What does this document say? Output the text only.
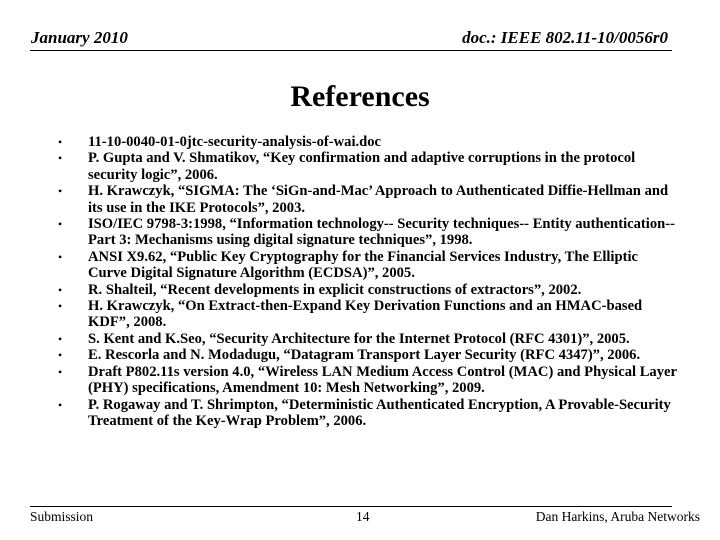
January 2010	doc.: IEEE 802.11-10/0056r0
References
• 11-10-0040-01-0jtc-security-analysis-of-wai.doc
• P. Gupta and V. Shmatikov, “Key confirmation and adaptive corruptions in the protocol security logic”, 2006.
• H. Krawczyk, “SIGMA: The ‘SiGn-and-Mac’ Approach to Authenticated Diffie-Hellman and its use in the IKE Protocols”, 2003.
• ISO/IEC 9798-3:1998, “Information technology-- Security techniques-- Entity authentication-- Part 3: Mechanisms using digital signature techniques”, 1998.
• ANSI X9.62, “Public Key Cryptography for the Financial Services Industry, The Elliptic Curve Digital Signature Algorithm (ECDSA)”, 2005.
• R. Shalteil, “Recent developments in explicit constructions of extractors”, 2002.
• H. Krawczyk, “On Extract-then-Expand Key Derivation Functions and an HMAC-based KDF”, 2008.
• S. Kent and K.Seo, “Security Architecture for the Internet Protocol (RFC 4301)”, 2005.
• E. Rescorla and N. Modadugu, “Datagram Transport Layer Security (RFC 4347)”, 2006.
• Draft P802.11s version 4.0, “Wireless LAN Medium Access Control (MAC) and Physical Layer (PHY) specifications, Amendment 10: Mesh Networking”, 2009.
• P. Rogaway and T. Shrimpton, “Deterministic Authenticated Encryption, A Provable-Security Treatment of the Key-Wrap Problem”, 2006.
Submission	14	Dan Harkins, Aruba Networks
